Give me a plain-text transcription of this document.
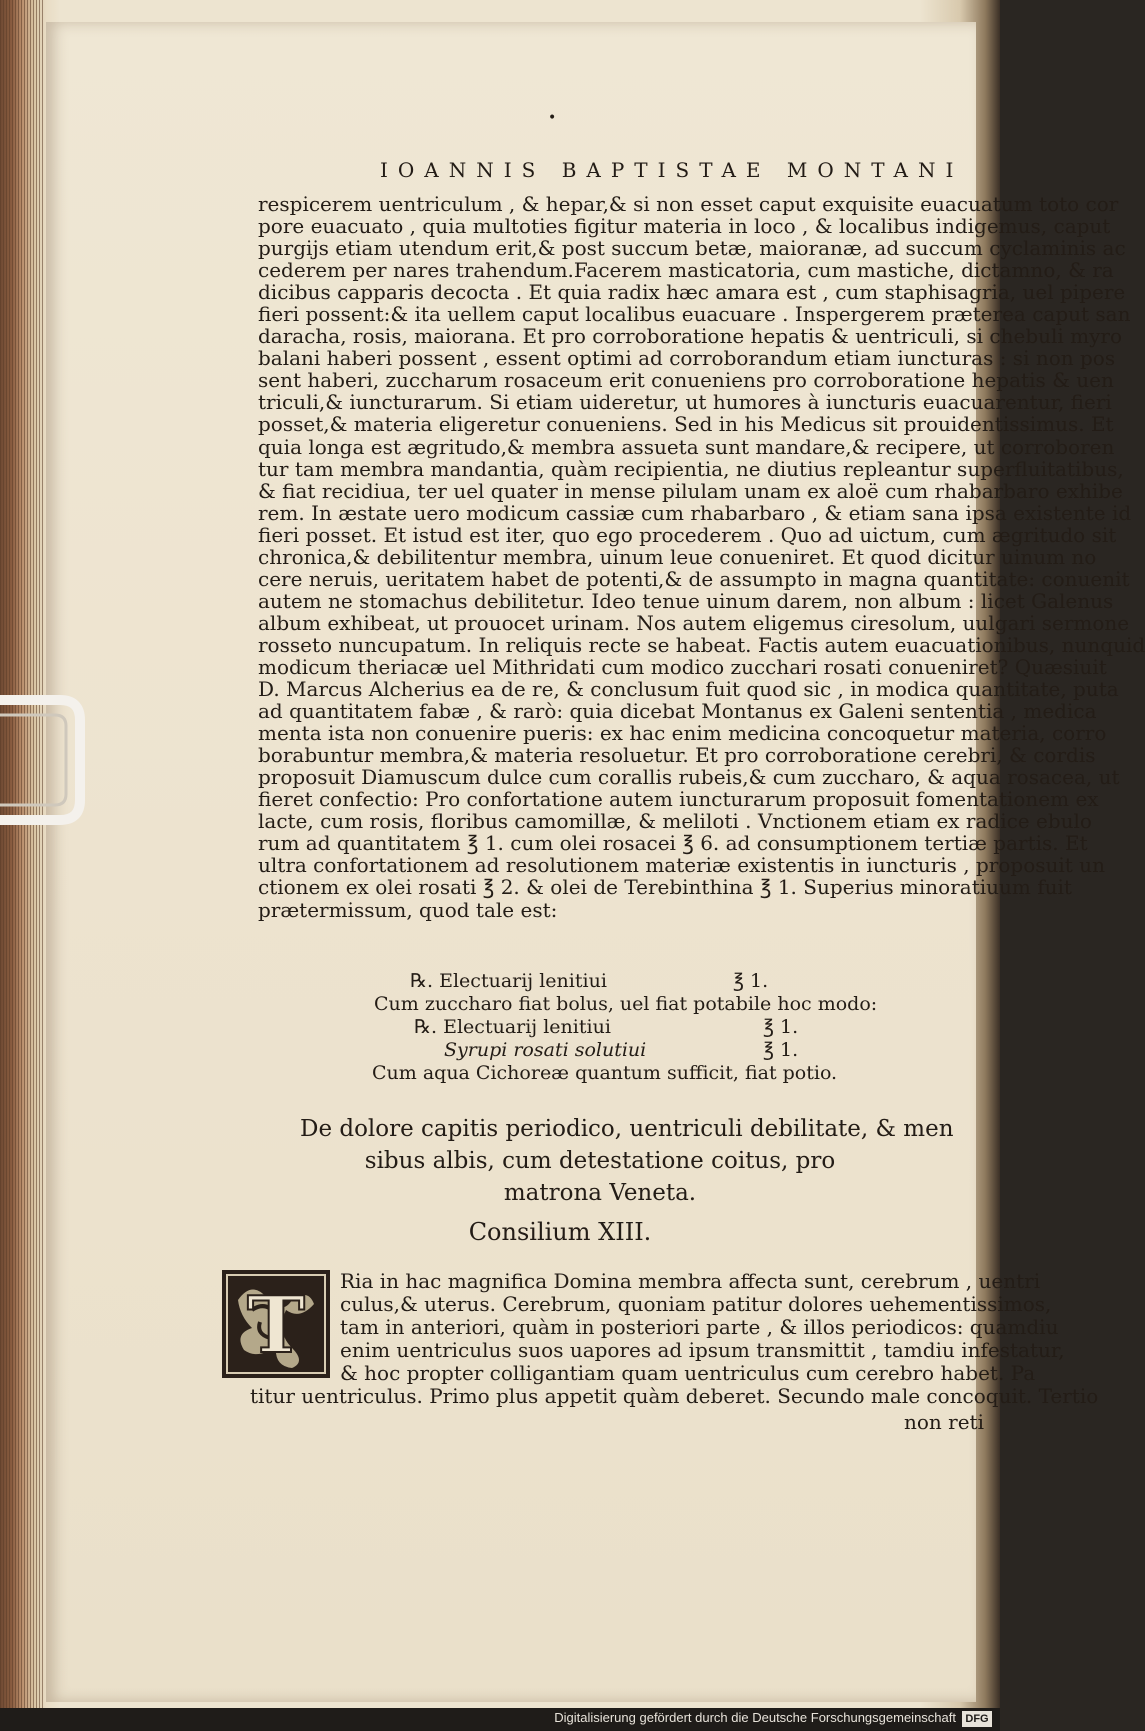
•
IOANNIS BAPTISTAE MONTANI
respicerem uentriculum , & hepar,& si non esset caput exquisite euacuatum toto cor
pore euacuato , quia multoties figitur materia in loco , & localibus indigemus, caput
purgijs etiam utendum erit,& post succum betæ, maioranæ, ad succum cyclaminis ac
cederem per nares trahendum.Facerem masticatoria, cum mastiche, dictamno, & ra
dicibus capparis decocta . Et quia radix hæc amara est , cum staphisagria, uel pipere
fieri possent:& ita uellem caput localibus euacuare . Inspergerem præterea caput san
daracha, rosis, maiorana. Et pro corroboratione hepatis & uentriculi, si chebuli myro
balani haberi possent , essent optimi ad corroborandum etiam iuncturas : si non pos
sent haberi, zuccharum rosaceum erit conueniens pro corroboratione hepatis & uen
triculi,& iuncturarum. Si etiam uideretur, ut humores à iuncturis euacuarentur, fieri
posset,& materia eligeretur conueniens. Sed in his Medicus sit prouidentissimus. Et
quia longa est ægritudo,& membra assueta sunt mandare,& recipere, ut corroboren
tur tam membra mandantia, quàm recipientia, ne diutius repleantur superfluitatibus,
& fiat recidiua, ter uel quater in mense pilulam unam ex aloë cum rhabarbaro exhibe
rem. In æstate uero modicum cassiæ cum rhabarbaro , & etiam sana ipsa existente id
fieri posset. Et istud est iter, quo ego procederem . Quo ad uictum, cum ægritudo sit
chronica,& debilitentur membra, uinum leue conueniret. Et quod dicitur uinum no
cere neruis, ueritatem habet de potenti,& de assumpto in magna quantitate: conuenit
autem ne stomachus debilitetur. Ideo tenue uinum darem, non album : licet Galenus
album exhibeat, ut prouocet urinam. Nos autem eligemus ciresolum, uulgari sermone
rosseto nuncupatum. In reliquis recte se habeat. Factis autem euacuationibus, nunquid
modicum theriacæ uel Mithridati cum modico zucchari rosati conueniret? Quæsiuit
D. Marcus Alcherius ea de re, & conclusum fuit quod sic , in modica quantitate, puta
ad quantitatem fabæ , & rarò: quia dicebat Montanus ex Galeni sententia , medica
menta ista non conuenire pueris: ex hac enim medicina concoquetur materia, corro
borabuntur membra,& materia resoluetur. Et pro corroboratione cerebri, & cordis
proposuit Diamuscum dulce cum corallis rubeis,& cum zuccharo, & aqua rosacea, ut
fieret confectio: Pro confortatione autem iuncturarum proposuit fomentationem ex
lacte, cum rosis, floribus camomillæ, & meliloti . Vnctionem etiam ex radice ebulo
rum ad quantitatem ℥ 1. cum olei rosacei ℥ 6. ad consumptionem tertiæ partis. Et
ultra confortationem ad resolutionem materiæ existentis in iuncturis , proposuit un
ctionem ex olei rosati ℥ 2. & olei de Terebinthina ℥ 1. Superius minoratiuum fuit
prætermissum, quod tale est:
℞. Electuarij lenitiui	℥ 1.
Cum zuccharo fiat bolus, uel fiat potabile hoc modo:
℞. Electuarij lenitiui	℥ 1.
Syrupi rosati solutiui	℥ 1.
Cum aqua Cichoreæ quantum sufficit, fiat potio.
De dolore capitis periodico, uentriculi debilitate, & men
sibus albis, cum detestatione coitus, pro
matrona Veneta.
Consilium XIII.
T Ria in hac magnifica Domina membra affecta sunt, cerebrum , uentri
culus,& uterus. Cerebrum, quoniam patitur dolores uehementissimos,
tam in anteriori, quàm in posteriori parte , & illos periodicos: quamdiu
enim uentriculus suos uapores ad ipsum transmittit , tamdiu infestatur,
& hoc propter colligantiam quam uentriculus cum cerebro habet. Pa
titur uentriculus. Primo plus appetit quàm deberet. Secundo male concoquit. Tertio
non reti
Digitalisierung gefördert durch die Deutsche Forschungsgemeinschaft DFG
